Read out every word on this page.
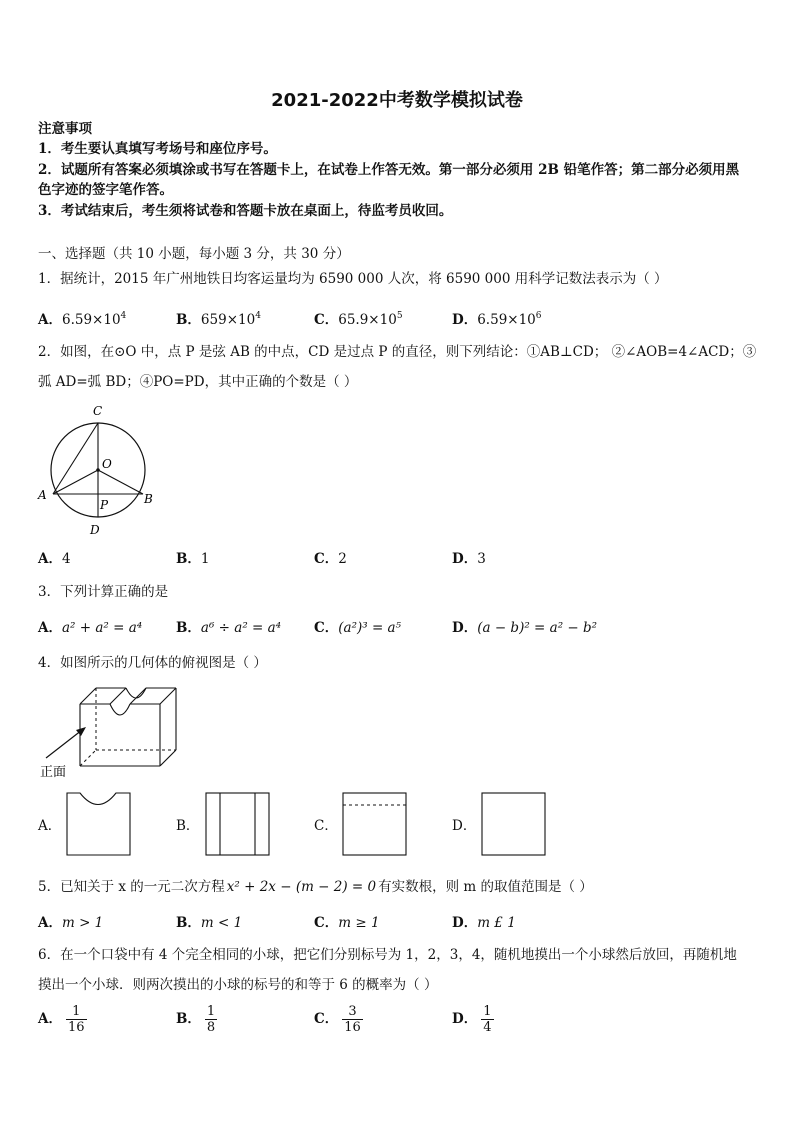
2021-2022中考数学模拟试卷
注意事项
1．考生要认真填写考场号和座位序号。
2．试题所有答案必须填涂或书写在答题卡上，在试卷上作答无效。第一部分必须用 2B 铅笔作答；第二部分必须用黑
色字迹的签字笔作答。
3．考试结束后，考生须将试卷和答题卡放在桌面上，待监考员收回。
一、选择题（共 10 小题，每小题 3 分，共 30 分）
1．据统计，2015 年广州地铁日均客运量均为 6590 000 人次，将 6590 000 用科学记数法表示为（ ）
A．$6.59\times 10^4$	B．$659\times 10^4$	C．$65.9\times 10^5$	D．$6.59\times 10^6$
2．如图，在⊙O 中，点 P 是弦 AB 的中点，CD 是过点 P 的直径，则下列结论：①AB⊥CD； ②∠AOB=4∠ACD；③
弧 AD=弧 BD；④PO=PD，其中正确的个数是（ ）
C
O
A	B
P
D
A．4	B．1	C．2	D．3
3．下列计算正确的是
A．a² + a² = a⁴	B．a⁶ ÷ a² = a⁴ C．(a²)³ = a⁵	D．(a − b)² = a² − b²
4．如图所示的几何体的俯视图是（ ）
正面
A．	B．	C．	D．
5．已知关于 x 的一元二次方程 x² + 2x − (m − 2) = 0 有实数根，则 m 的取值范围是（ ）
A．m > 1	B．m < 1	C．m ≥ 1	D．m £ 1
6．在一个口袋中有 4 个完全相同的小球，把它们分别标号为 1，2，3，4，随机地摸出一个小球然后放回，再随机地
摸出一个小球．则两次摸出的小球的标号的和等于 6 的概率为（ ）
A． $\frac{1}{16}$	B． $\frac{1}{8}$	C． $\frac{3}{16}$	D． $\frac{1}{4}$
